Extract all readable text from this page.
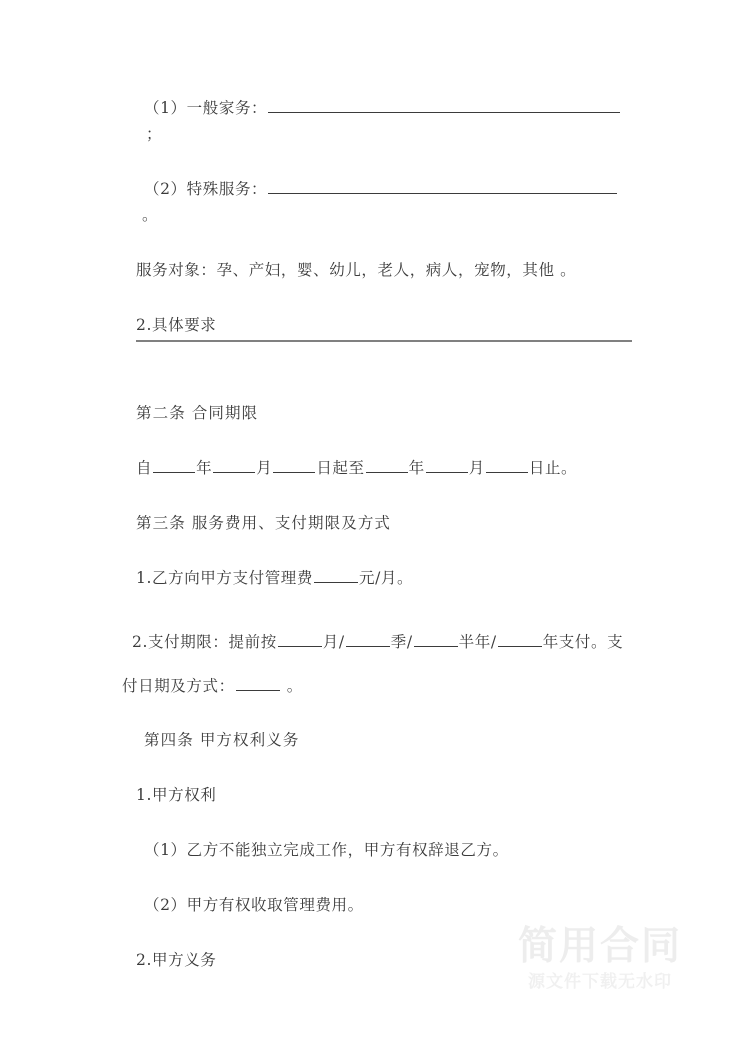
（1）一般家务：；

（2）特殊服务：。

服务对象：孕、产妇，婴、幼儿，老人，病人，宠物，其他 。

2.具体要求

第二条 合同期限

自	年	月	日起至	年	月	日止。

第三条 服务费用、支付期限及方式

1.乙方向甲方支付管理费	元/月。

2.支付期限：提前按	月/	季/	半年/	年支付。支付日期及方式：	。

第四条 甲方权利义务

1.甲方权利

（1）乙方不能独立完成工作，甲方有权辞退乙方。

（2）甲方有权收取管理费用。

2.甲方义务	简用合同
源文件下载无水印
